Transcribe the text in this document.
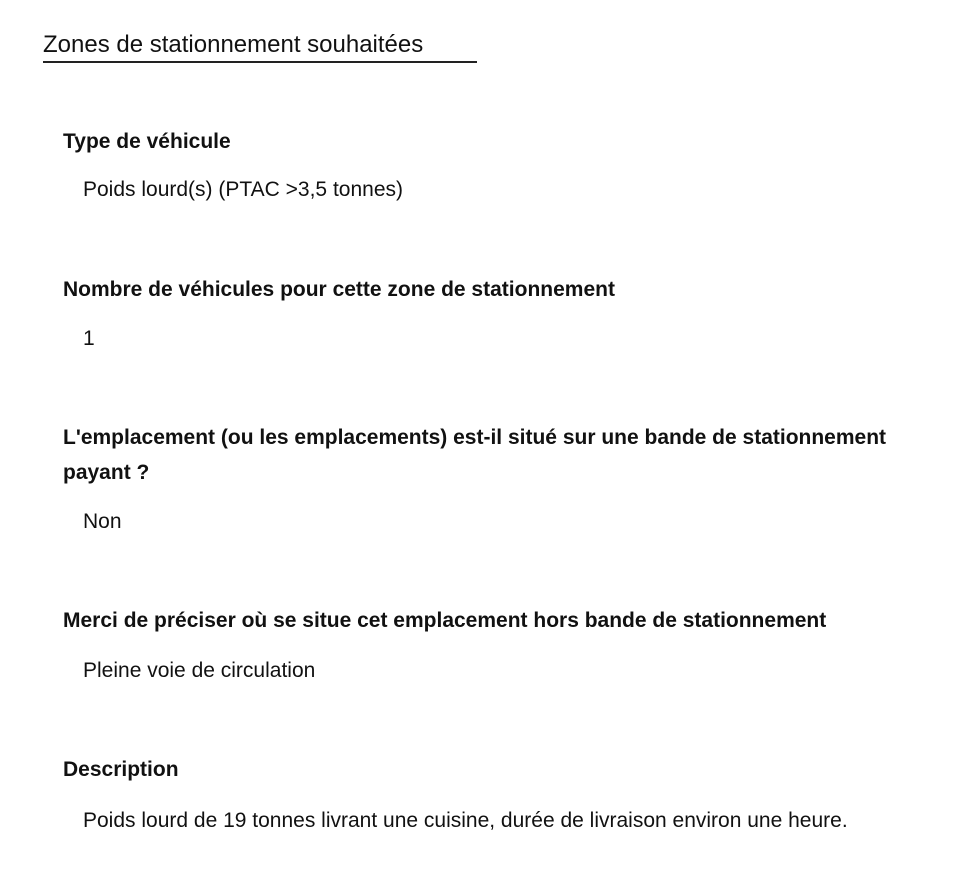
Zones de stationnement souhaitées

Type de véhicule

Poids lourd(s) (PTAC >3,5 tonnes)

Nombre de véhicules pour cette zone de stationnement

1

L'emplacement (ou les emplacements) est-il situé sur une bande de stationnement payant ?

Non

Merci de préciser où se situe cet emplacement hors bande de stationnement

Pleine voie de circulation

Description

Poids lourd de 19 tonnes livrant une cuisine, durée de livraison environ une heure.
